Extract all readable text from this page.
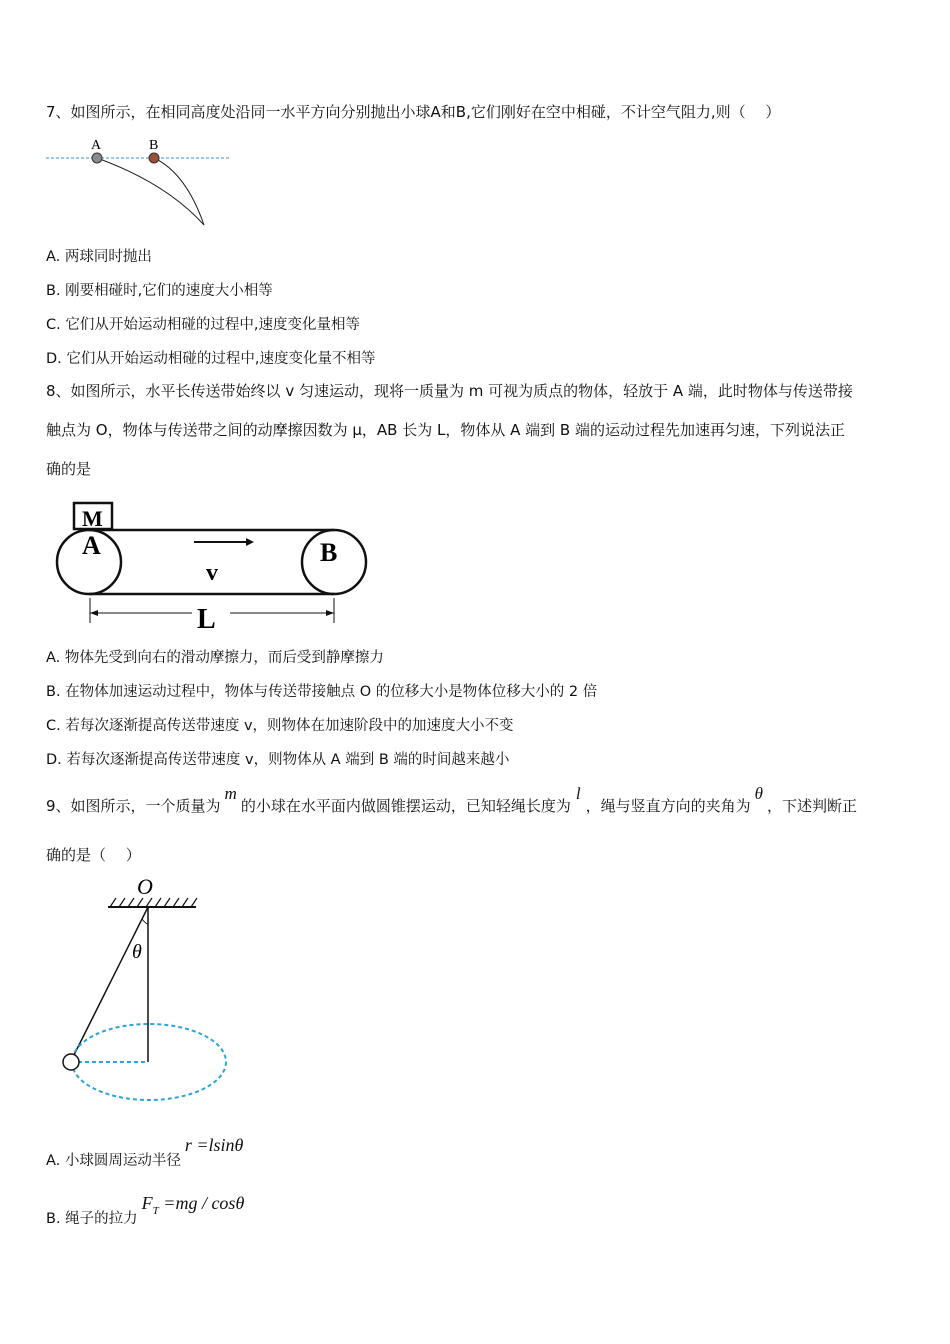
7、如图所示，在相同高度处沿同一水平方向分别抛出小球A和B,它们刚好在空中相碰，不计空气阻力,则（　 ）
A	B
A. 两球同时抛出
B. 刚要相碰时,它们的速度大小相等
C. 它们从开始运动相碰的过程中,速度变化量相等
D. 它们从开始运动相碰的过程中,速度变化量不相等
8、如图所示，水平长传送带始终以 v 匀速运动，现将一质量为 m 可视为质点的物体，轻放于 A 端，此时物体与传送带接
触点为 O，物体与传送带之间的动摩擦因数为 μ，AB 长为 L，物体从 A 端到 B 端的运动过程先加速再匀速，下列说法正
确的是
M
A	B
v
L
A. 物体先受到向右的滑动摩擦力，而后受到静摩擦力
B. 在物体加速运动过程中，物体与传送带接触点 O 的位移大小是物体位移大小的 2 倍
C. 若每次逐渐提高传送带速度 v，则物体在加速阶段中的加速度大小不变
D. 若每次逐渐提高传送带速度 v，则物体从 A 端到 B 端的时间越来越小
9、如图所示，一个质量为m的小球在水平面内做圆锥摆运动，已知轻绳长度为l，绳与竖直方向的夹角为θ，下述判断正
确的是（　 ）
O
θ
A. 小球圆周运动半径r =lsinθ
B. 绳子的拉力$F_T =mg / \cos\theta$
